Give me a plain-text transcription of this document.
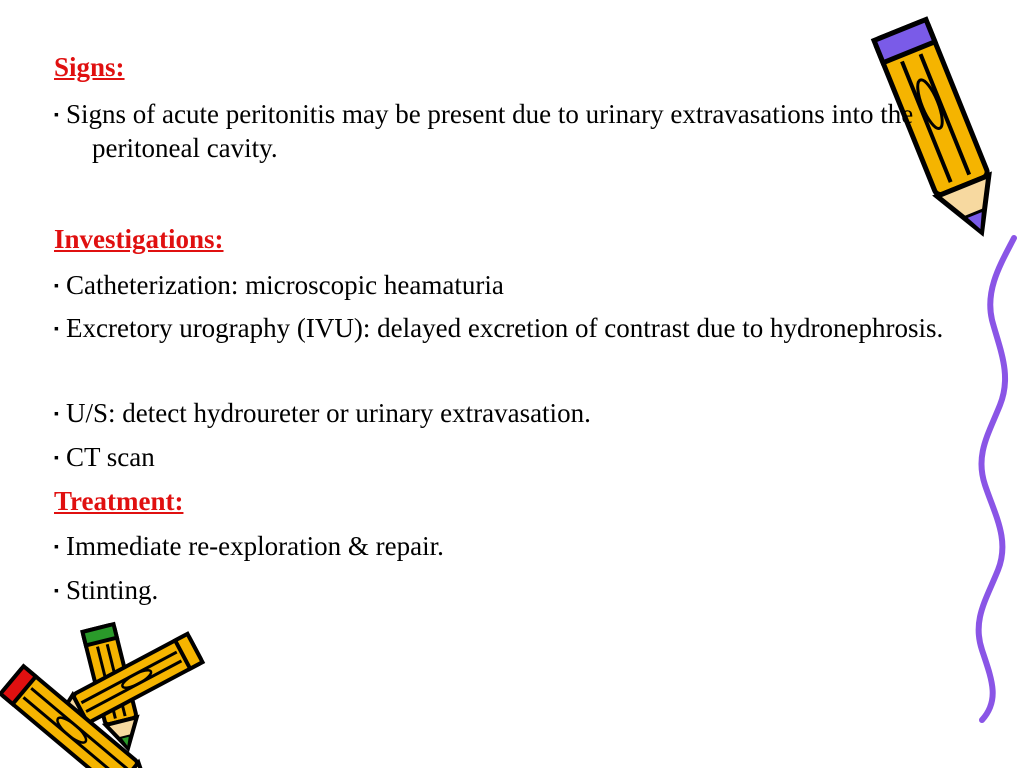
Signs:
▪ Signs of acute peritonitis may be present due to urinary extravasations into the peritoneal cavity.
Investigations:
▪ Catheterization: microscopic heamaturia
▪ Excretory urography (IVU): delayed excretion of contrast due to hydronephrosis.
▪ U/S: detect hydroureter or urinary extravasation.
▪ CT scan
Treatment:
▪ Immediate re-exploration & repair.
▪ Stinting.
